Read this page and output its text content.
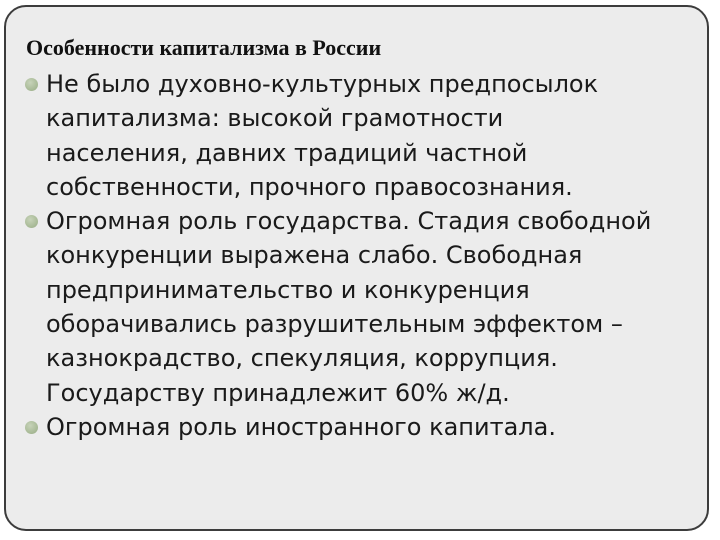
Особенности капитализма в России
Не было духовно-культурных предпосылок
капитализма: высокой грамотности
населения, давних традиций частной
собственности, прочного правосознания.
Огромная роль государства. Стадия свободной
конкуренции выражена слабо. Свободная
предпринимательство и конкуренция
оборачивались разрушительным эффектом –
казнокрадство, спекуляция, коррупция.
Государству принадлежит 60% ж/д.
Огромная роль иностранного капитала.
